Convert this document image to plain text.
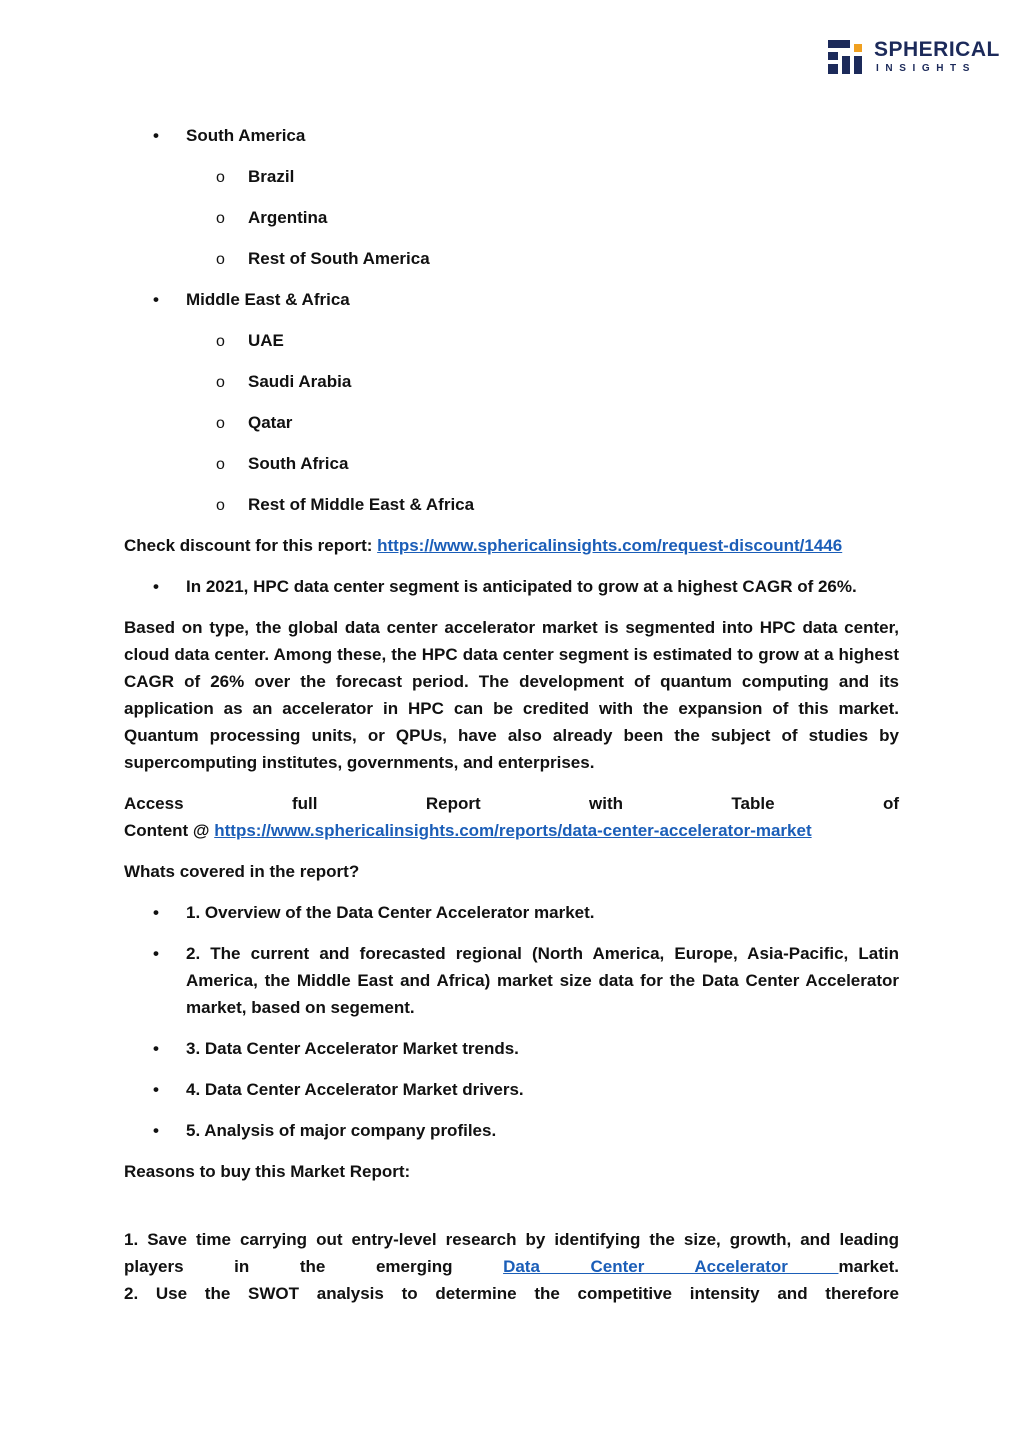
SPHERICAL
INSIGHTS
• South America
o Brazil
o Argentina
o Rest of South America
• Middle East & Africa
o UAE
o Saudi Arabia
o Qatar
o South Africa
o Rest of Middle East & Africa
Check discount for this report: https://www.sphericalinsights.com/request-discount/1446
• In 2021, HPC data center segment is anticipated to grow at a highest CAGR of 26%.
Based on type, the global data center accelerator market is segmented into HPC data center, cloud data center. Among these, the HPC data center segment is estimated to grow at a highest CAGR of 26% over the forecast period. The development of quantum computing and its application as an accelerator in HPC can be credited with the expansion of this market. Quantum processing units, or QPUs, have also already been the subject of studies by supercomputing institutes, governments, and enterprises.
Access full Report with Table of
Content @ https://www.sphericalinsights.com/reports/data-center-accelerator-market
Whats covered in the report?
• 1. Overview of the Data Center Accelerator market.
• 2. The current and forecasted regional (North America, Europe, Asia-Pacific, Latin America, the Middle East and Africa) market size data for the Data Center Accelerator market, based on segement.
• 3. Data Center Accelerator Market trends.
• 4. Data Center Accelerator Market drivers.
• 5. Analysis of major company profiles.
Reasons to buy this Market Report:
1. Save time carrying out entry-level research by identifying the size, growth, and leading players in the emerging Data Center Accelerator market.
2. Use the SWOT analysis to determine the competitive intensity and therefore
